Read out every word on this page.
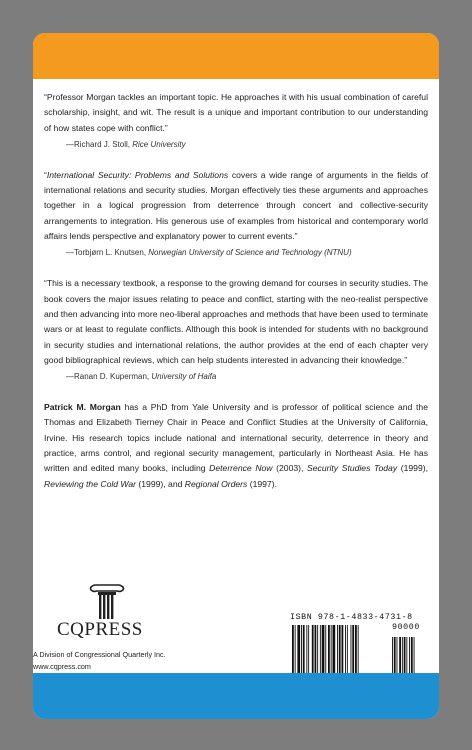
“Professor Morgan tackles an important topic. He approaches it with his usual combination of careful scholarship, insight, and wit. The result is a unique and important contribution to our understanding of how states cope with conflict.”

—Richard J. Stoll, Rice University

“International Security: Problems and Solutions covers a wide range of arguments in the fields of international relations and security studies. Morgan effectively ties these arguments and approaches together in a logical progression from deterrence through concert and collective-security arrangements to integration. His generous use of examples from historical and contemporary world affairs lends perspective and explanatory power to current events.”

—Torbjørn L. Knutsen, Norwegian University of Science and Technology (NTNU)

“This is a necessary textbook, a response to the growing demand for courses in security studies. The book covers the major issues relating to peace and conflict, starting with the neo-realist perspective and then advancing into more neo-liberal approaches and methods that have been used to terminate wars or at least to regulate conflicts. Although this book is intended for students with no background in security studies and international relations, the author provides at the end of each chapter very good bibliographical reviews, which can help students interested in advancing their knowledge.”

—Ranan D. Kuperman, University of Haifa

Patrick M. Morgan has a PhD from Yale University and is professor of political science and the Thomas and Elizabeth Tierney Chair in Peace and Conflict Studies at the University of California, Irvine. His research topics include national and international security, deterrence in theory and practice, arms control, and regional security management, particularly in Northeast Asia. He has written and edited many books, including Deterrence Now (2003), Security Studies Today (1999), Reviewing the Cold War (1999), and Regional Orders (1997).

CQPRESS
A Division of Congressional Quarterly Inc.
www.cqpress.com
ISBN 978-1-4833-4731-8
90000
